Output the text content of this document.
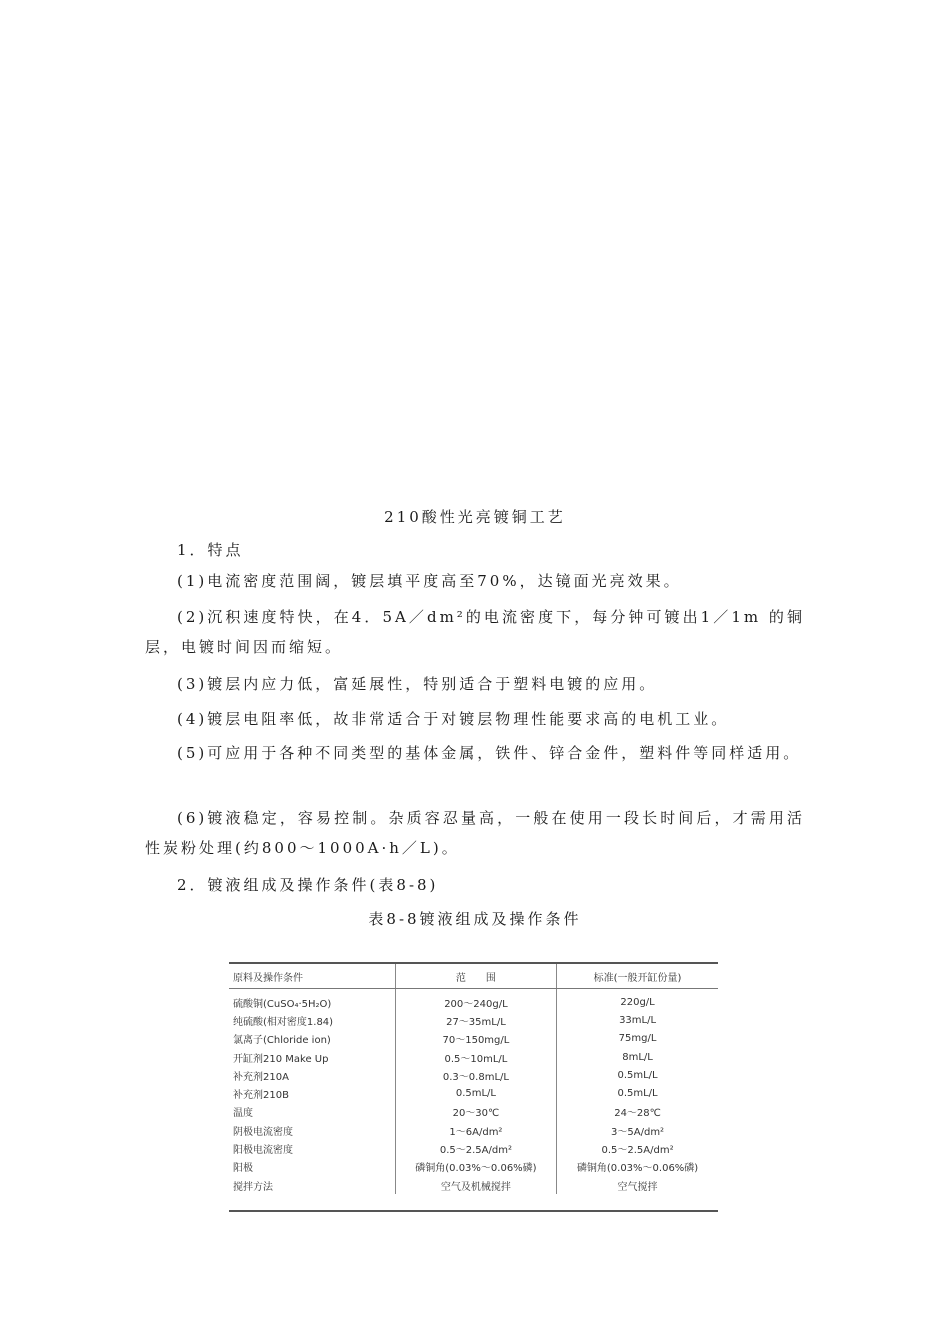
210酸性光亮镀铜工艺
1．特点
(1)电流密度范围阔，镀层填平度高至70%，达镜面光亮效果。
(2)沉积速度特快，在4．5A／dm²的电流密度下，每分钟可镀出1／1m 的铜层，电镀时间因而缩短。
(3)镀层内应力低，富延展性，特别适合于塑料电镀的应用。
(4)镀层电阻率低，故非常适合于对镀层物理性能要求高的电机工业。
(5)可应用于各种不同类型的基体金属，铁件、锌合金件，塑料件等同样适用。
(6)镀液稳定，容易控制。杂质容忍量高，一般在使用一段长时间后，才需用活性炭粉处理(约800～1000A·h／L)。
2．镀液组成及操作条件(表8-8)
表8-8镀液组成及操作条件
原料及操作条件	范　　围	标准(一般开缸份量)
硫酸铜(CuSO₄·5H₂O)	200～240g/L	220g/L
纯硫酸(相对密度1.84)	27～35mL/L	33mL/L
氯离子(Chloride ion)	70～150mg/L	75mg/L
开缸剂210 Make Up	0.5～10mL/L	8mL/L
补充剂210A	0.3～0.8mL/L	0.5mL/L
补充剂210B	0.5mL/L	0.5mL/L
温度	20～30℃	24～28℃
阴极电流密度	1～6A/dm²	3～5A/dm²
阳极电流密度	0.5～2.5A/dm²	0.5～2.5A/dm²
阳极	磷铜角(0.03%～0.06%磷)	磷铜角(0.03%～0.06%磷)
搅拌方法	空气及机械搅拌	空气搅拌
